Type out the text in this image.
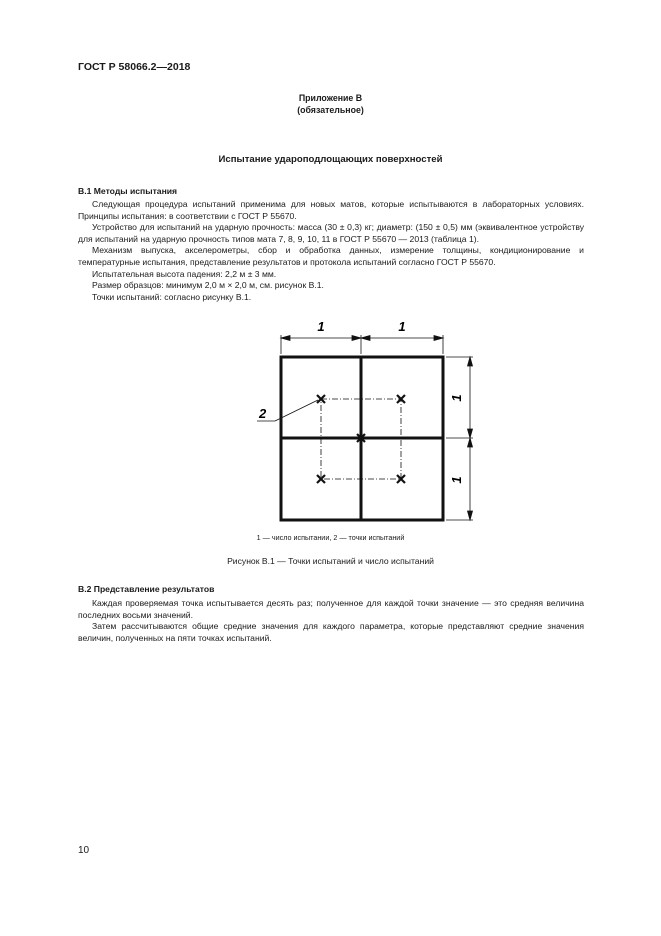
ГОСТ Р 58066.2—2018
Приложение В
(обязательное)
Испытание удароподлощающих поверхностей
В.1 Методы испытания
Следующая процедура испытаний применима для новых матов, которые испытываются в лабораторных условиях. Принципы испытания: в соответствии с ГОСТ Р 55670.
Устройство для испытаний на ударную прочность: масса (30 ± 0,3) кг; диаметр: (150 ± 0,5) мм (эквивалентное устройству для испытаний на ударную прочность типов мата 7, 8, 9, 10, 11 в ГОСТ Р 55670 — 2013 (таблица 1).
Механизм выпуска, акселерометры, сбор и обработка данных, измерение толщины, кондиционирование и температурные испытания, представление результатов и протокола испытаний согласно ГОСТ Р 55670.
Испытательная высота падения: 2,2 м ± 3 мм.
Размер образцов: минимум 2,0 м × 2,0 м, см. рисунок В.1.
Точки испытаний: согласно рисунку В.1.
1	1
1
1
2
1 — число испытании, 2 — точки испытаний
Рисунок В.1 — Точки испытаний и число испытаний
В.2 Представление результатов
Каждая проверяемая точка испытывается десять раз; полученное для каждой точки значение — это средняя величина последних восьми значений.
Затем рассчитываются общие средние значения для каждого параметра, которые представляют средние значения величин, полученных на пяти точках испытаний.
10
